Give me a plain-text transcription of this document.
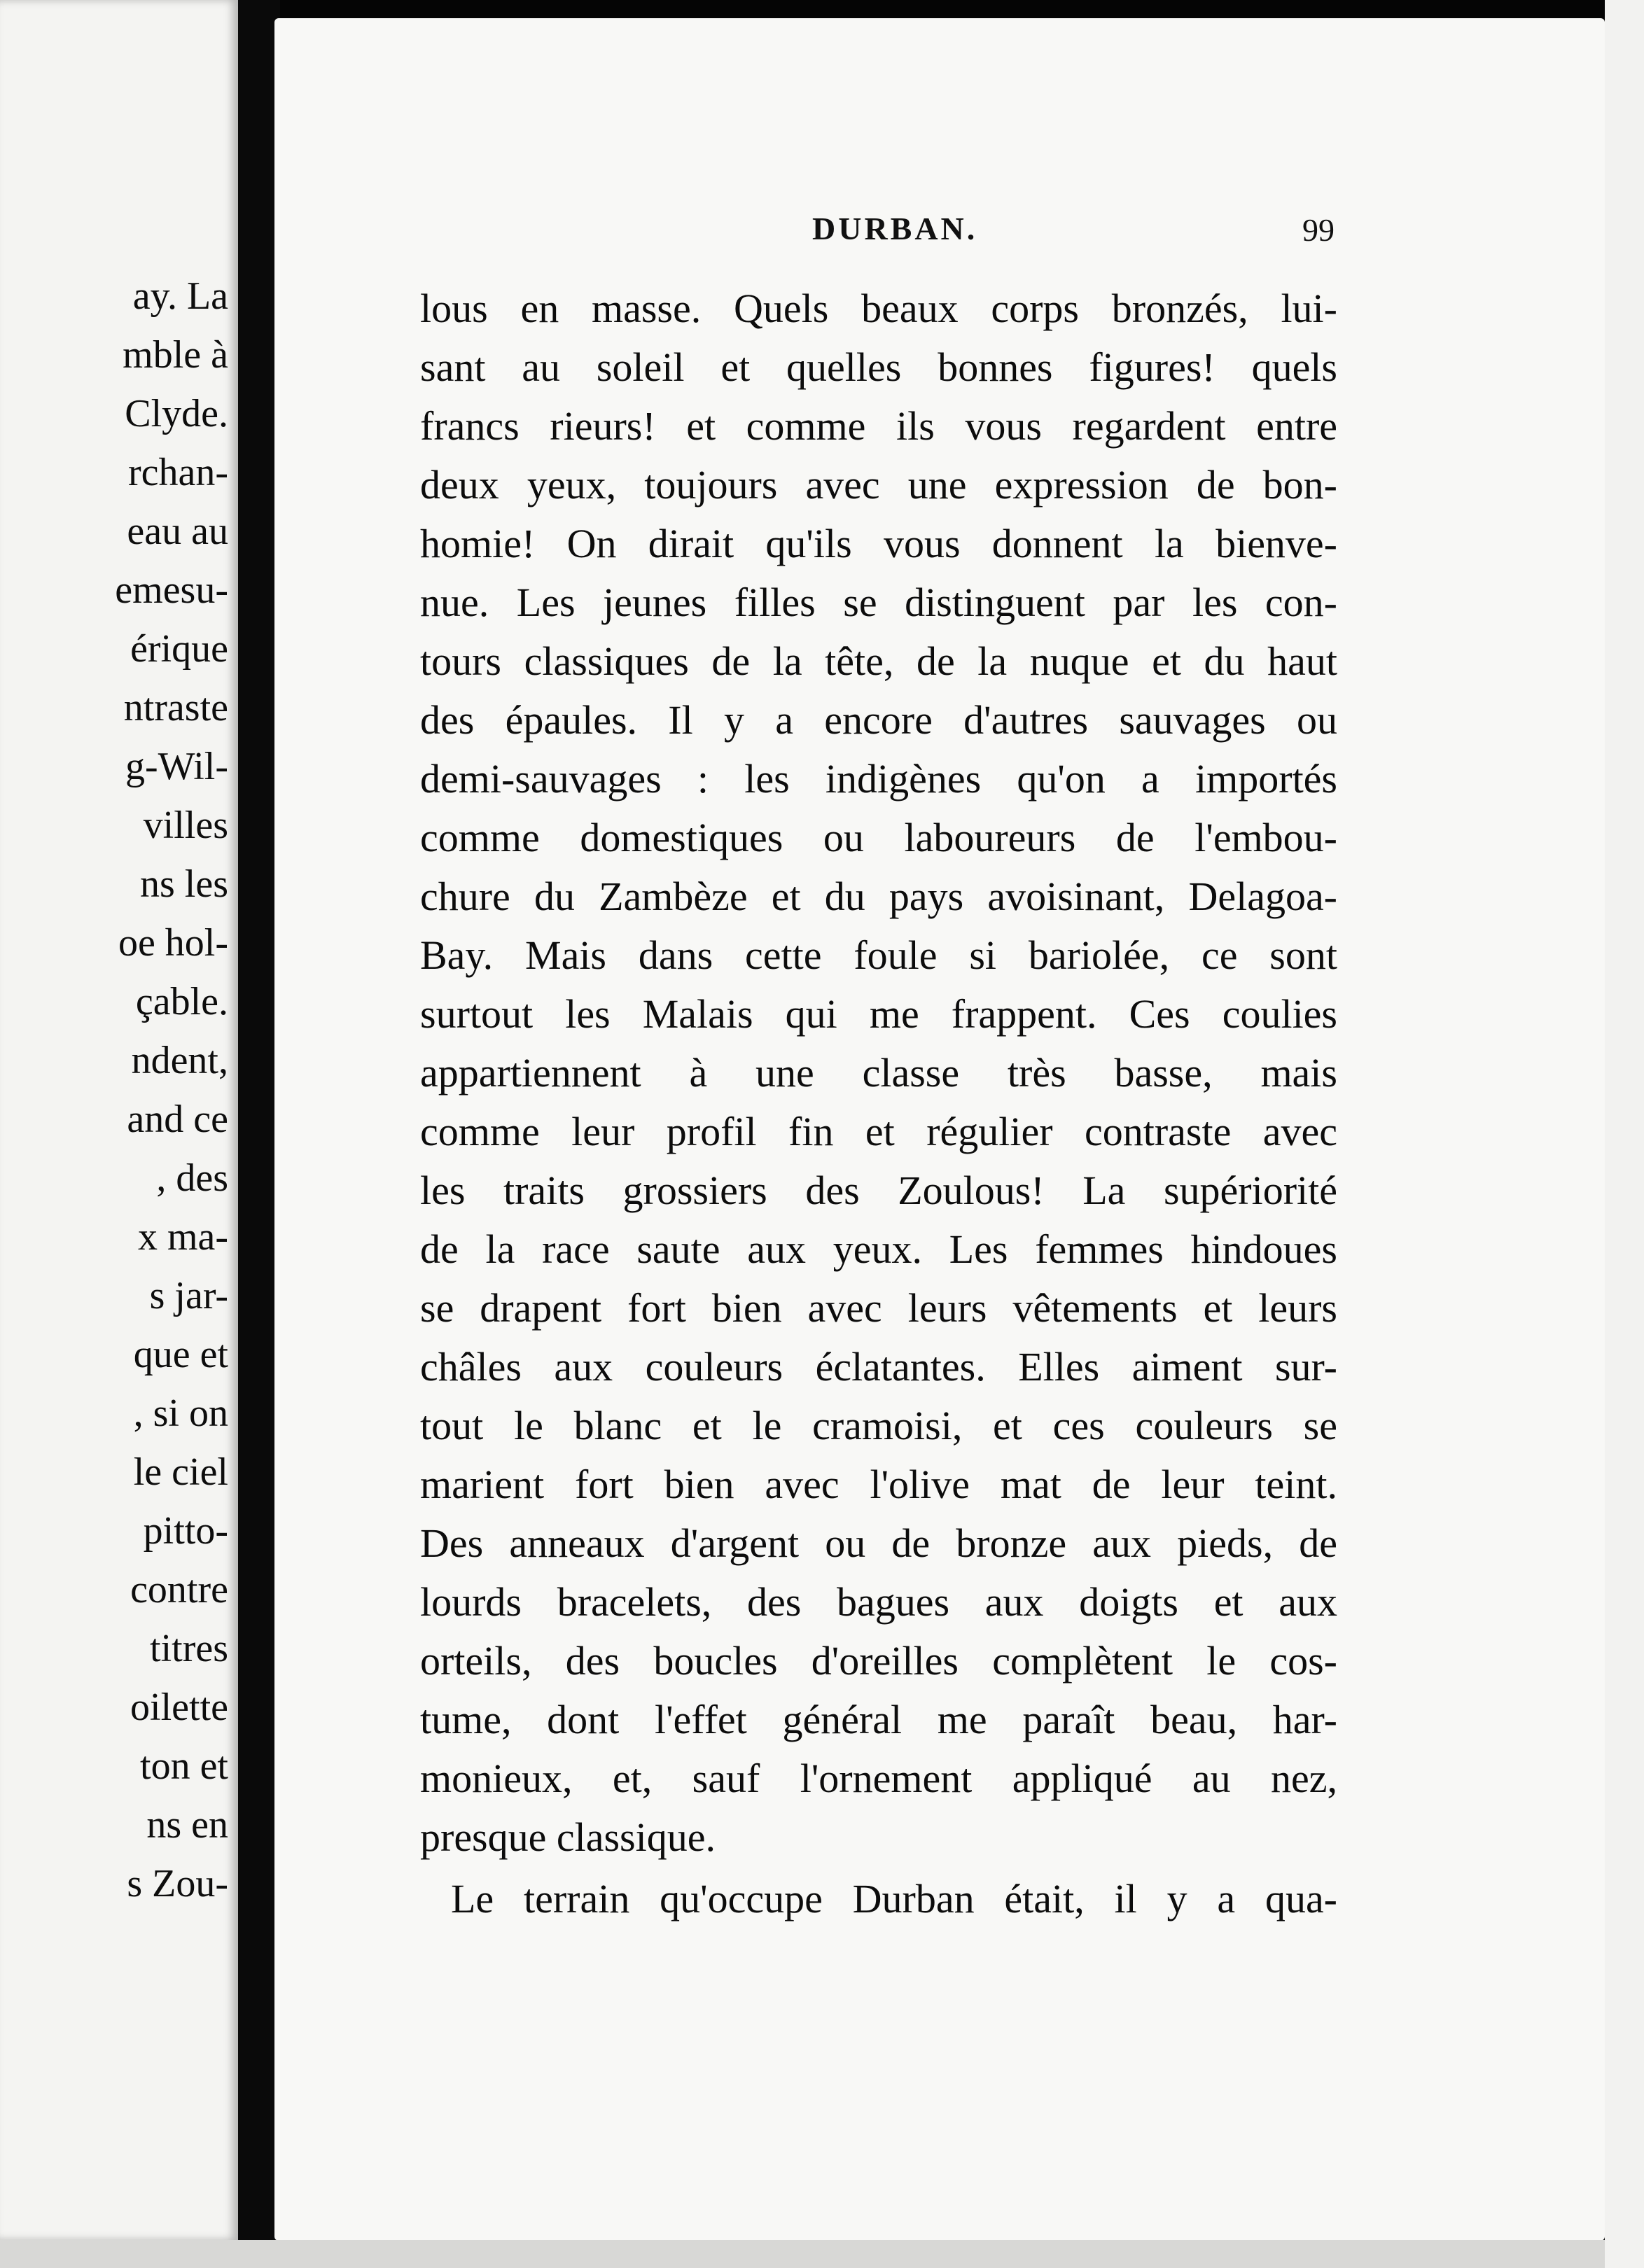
ay. La
mble à
Clyde.
rchan-
eau au
emesu-
érique
ntraste
g-Wil-
villes
ns les
oe hol-
çable.
ndent,
and ce
, des
x ma-
s jar-
que et
, si on
le ciel
pitto-
contre
titres
oilette
ton et
ns en
s Zou-
DURBAN.	99
lous en masse. Quels beaux corps bronzés, lui-
sant au soleil et quelles bonnes figures! quels
francs rieurs! et comme ils vous regardent entre
deux yeux, toujours avec une expression de bon-
homie! On dirait qu'ils vous donnent la bienve-
nue. Les jeunes filles se distinguent par les con-
tours classiques de la tête, de la nuque et du haut
des épaules. Il y a encore d'autres sauvages ou
demi-sauvages : les indigènes qu'on a importés
comme domestiques ou laboureurs de l'embou-
chure du Zambèze et du pays avoisinant, Delagoa-
Bay. Mais dans cette foule si bariolée, ce sont
surtout les Malais qui me frappent. Ces coulies
appartiennent à une classe très basse, mais
comme leur profil fin et régulier contraste avec
les traits grossiers des Zoulous! La supériorité
de la race saute aux yeux. Les femmes hindoues
se drapent fort bien avec leurs vêtements et leurs
châles aux couleurs éclatantes. Elles aiment sur-
tout le blanc et le cramoisi, et ces couleurs se
marient fort bien avec l'olive mat de leur teint.
Des anneaux d'argent ou de bronze aux pieds, de
lourds bracelets, des bagues aux doigts et aux
orteils, des boucles d'oreilles complètent le cos-
tume, dont l'effet général me paraît beau, har-
monieux, et, sauf l'ornement appliqué au nez,
presque classique.
Le terrain qu'occupe Durban était, il y a qua-
